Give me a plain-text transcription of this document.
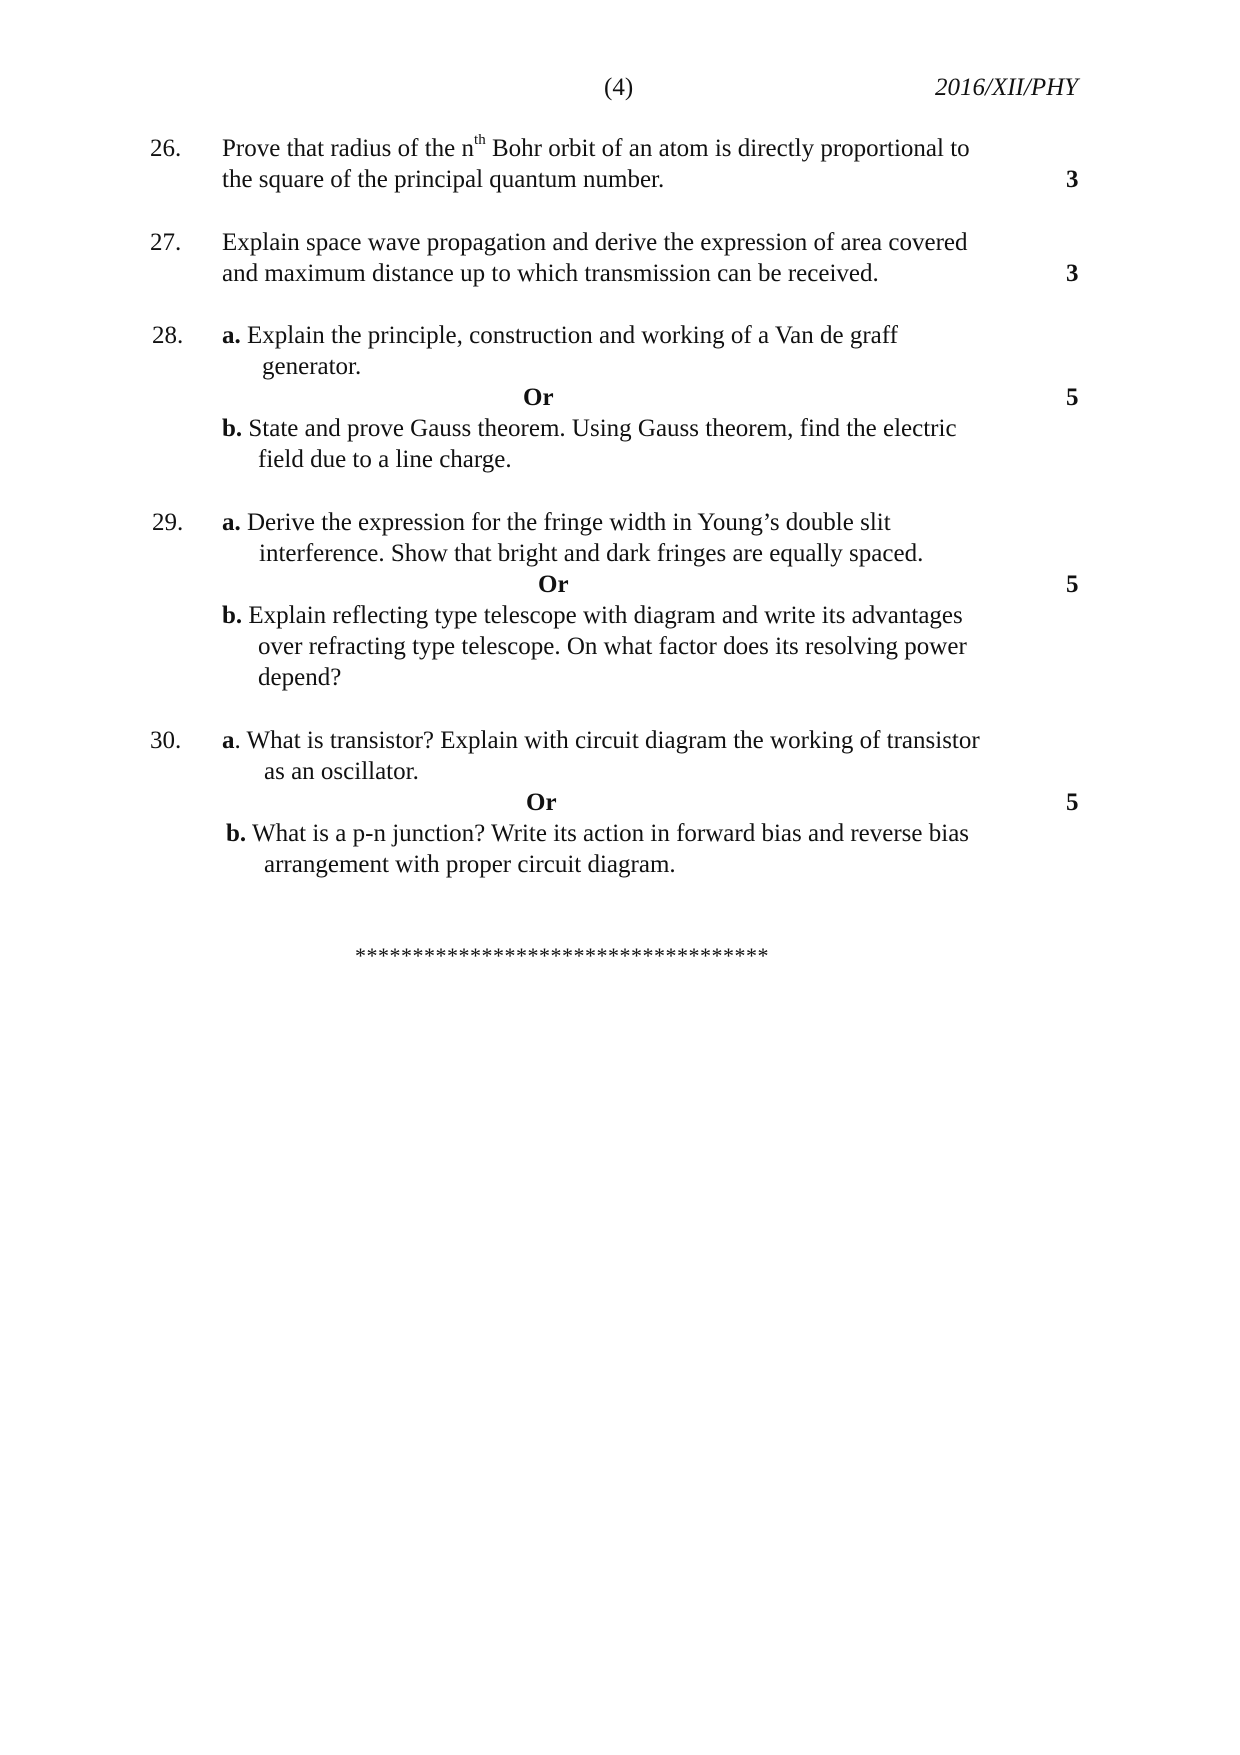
(4)	2016/XII/PHY
26. Prove that radius of the $n^{th}$ Bohr orbit of an atom is directly proportional to
the square of the principal quantum number.	3
27. Explain space wave propagation and derive the expression of area covered
and maximum distance up to which transmission can be received.	3
28. a. Explain the principle, construction and working of a Van de graff
generator.
Or	5
b. State and prove Gauss theorem. Using Gauss theorem, find the electric
field due to a line charge.
29. a. Derive the expression for the fringe width in Young’s double slit
interference. Show that bright and dark fringes are equally spaced.
Or	5
b. Explain reflecting type telescope with diagram and write its advantages
over refracting type telescope. On what factor does its resolving power
depend?
30. a. What is transistor? Explain with circuit diagram the working of transistor
as an oscillator.
Or	5
b. What is a p-n junction? Write its action in forward bias and reverse bias
arrangement with proper circuit diagram.
************************************
